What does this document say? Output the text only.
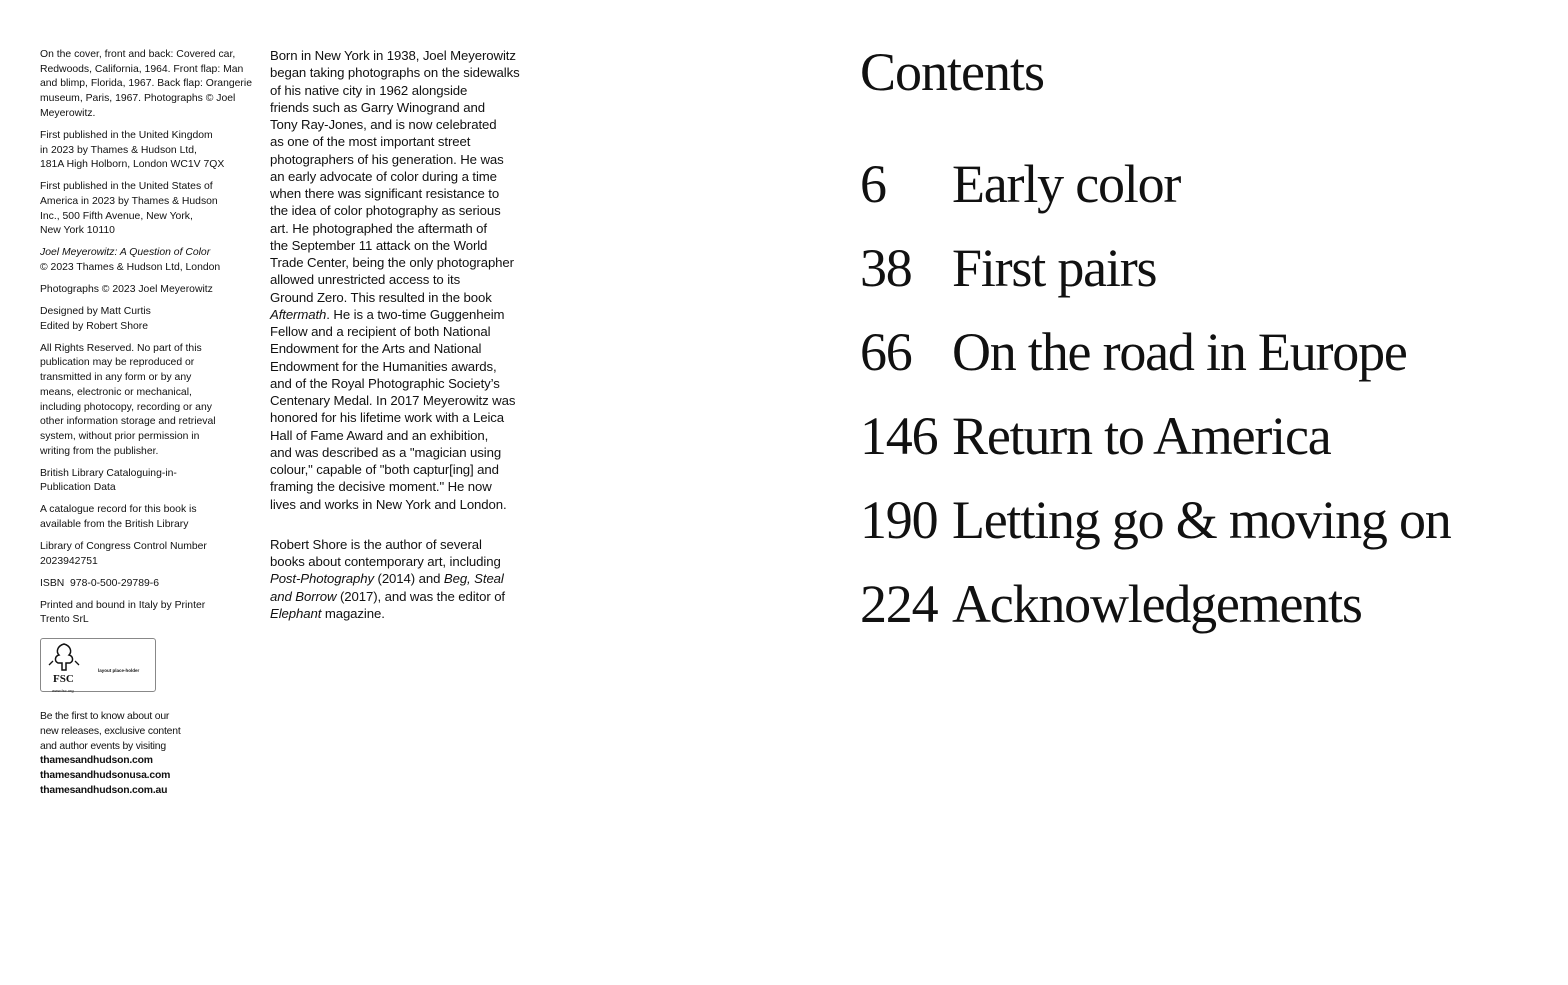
On the cover, front and back: Covered car, Redwoods, California, 1964. Front flap: Man and blimp, Florida, 1967. Back flap: Orangerie museum, Paris, 1967. Photographs © Joel Meyerowitz.

First published in the United Kingdom
in 2023 by Thames & Hudson Ltd,
181A High Holborn, London WC1V 7QX

First published in the United States of
America in 2023 by Thames & Hudson
Inc., 500 Fifth Avenue, New York,
New York 10110

Joel Meyerowitz: A Question of Color
© 2023 Thames & Hudson Ltd, London

Photographs © 2023 Joel Meyerowitz

Designed by Matt Curtis
Edited by Robert Shore

All Rights Reserved. No part of this
publication may be reproduced or
transmitted in any form or by any
means, electronic or mechanical,
including photocopy, recording or any
other information storage and retrieval
system, without prior permission in
writing from the publisher.

British Library Cataloguing-in-
Publication Data

A catalogue record for this book is
available from the British Library

Library of Congress Control Number
2023942751

ISBN  978-0-500-29789-6

Printed and bound in Italy by Printer
Trento SrL

FSC
www.fsc.org
layout place-holder
Be the first to know about our
new releases, exclusive content
and author events by visiting
thamesandhudson.com
thamesandhudsonusa.com
thamesandhudson.com.au

Born in New York in 1938, Joel Meyerowitz
began taking photographs on the sidewalks
of his native city in 1962 alongside
friends such as Garry Winogrand and
Tony Ray-Jones, and is now celebrated
as one of the most important street
photographers of his generation. He was
an early advocate of color during a time
when there was significant resistance to
the idea of color photography as serious
art. He photographed the aftermath of
the September 11 attack on the World
Trade Center, being the only photographer
allowed unrestricted access to its
Ground Zero. This resulted in the book
Aftermath. He is a two-time Guggenheim
Fellow and a recipient of both National
Endowment for the Arts and National
Endowment for the Humanities awards,
and of the Royal Photographic Society’s
Centenary Medal. In 2017 Meyerowitz was
honored for his lifetime work with a Leica
Hall of Fame Award and an exhibition,
and was described as a "magician using
colour," capable of "both captur[ing] and
framing the decisive moment." He now
lives and works in New York and London.

Robert Shore is the author of several
books about contemporary art, including
Post-Photography (2014) and Beg, Steal
and Borrow (2017), and was the editor of
Elephant magazine.

Contents
6 Early color
38 First pairs
66 On the road in Europe
146 Return to America
190 Letting go & moving on
224 Acknowledgements
